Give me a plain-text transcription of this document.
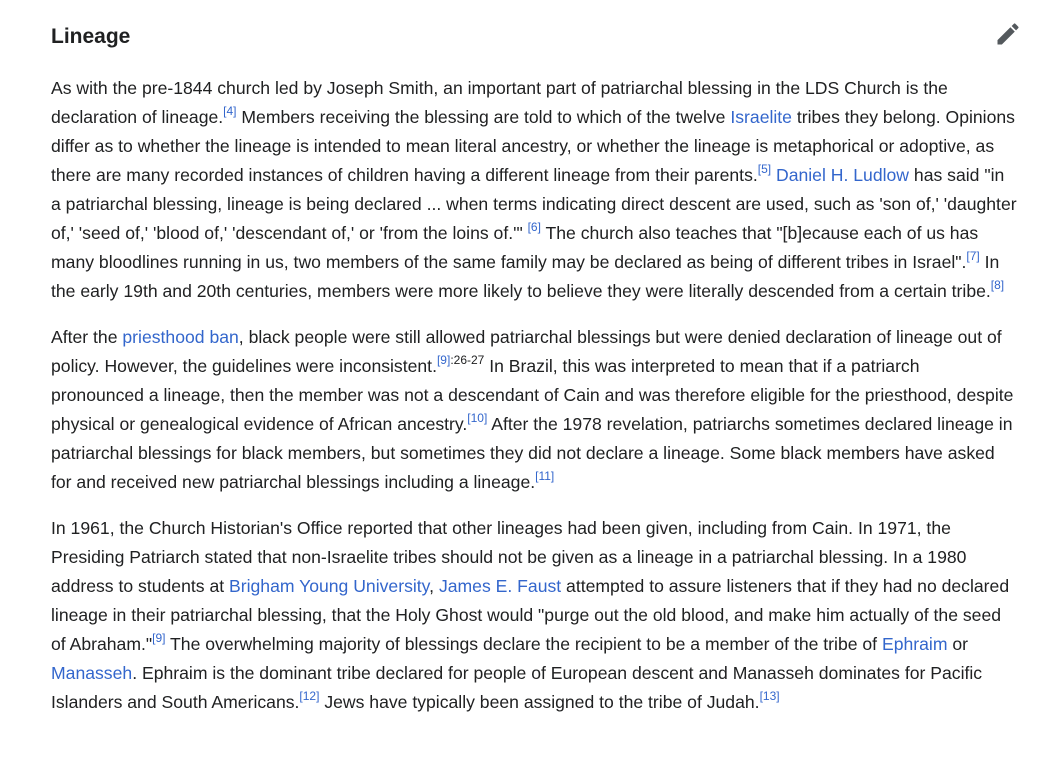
Lineage

As with the pre-1844 church led by Joseph Smith, an important part of patriarchal blessing in the LDS Church is the declaration of lineage.[4] Members receiving the blessing are told to which of the twelve Israelite tribes they belong. Opinions differ as to whether the lineage is intended to mean literal ancestry, or whether the lineage is metaphorical or adoptive, as there are many recorded instances of children having a different lineage from their parents.[5] Daniel H. Ludlow has said "in a patriarchal blessing, lineage is being declared ... when terms indicating direct descent are used, such as 'son of,' 'daughter of,' 'seed of,' 'blood of,' 'descendant of,' or 'from the loins of.'" [6] The church also teaches that "[b]ecause each of us has many bloodlines running in us, two members of the same family may be declared as being of different tribes in Israel".[7] In the early 19th and 20th centuries, members were more likely to believe they were literally descended from a certain tribe.[8]

After the priesthood ban, black people were still allowed patriarchal blessings but were denied declaration of lineage out of policy. However, the guidelines were inconsistent.$^{[9]:26-27}$ In Brazil, this was interpreted to mean that if a patriarch pronounced a lineage, then the member was not a descendant of Cain and was therefore eligible for the priesthood, despite physical or genealogical evidence of African ancestry.[10] After the 1978 revelation, patriarchs sometimes declared lineage in patriarchal blessings for black members, but sometimes they did not declare a lineage. Some black members have asked for and received new patriarchal blessings including a lineage.[11]

In 1961, the Church Historian's Office reported that other lineages had been given, including from Cain. In 1971, the Presiding Patriarch stated that non-Israelite tribes should not be given as a lineage in a patriarchal blessing. In a 1980 address to students at Brigham Young University, James E. Faust attempted to assure listeners that if they had no declared lineage in their patriarchal blessing, that the Holy Ghost would "purge out the old blood, and make him actually of the seed of Abraham."[9] The overwhelming majority of blessings declare the recipient to be a member of the tribe of Ephraim or Manasseh. Ephraim is the dominant tribe declared for people of European descent and Manasseh dominates for Pacific Islanders and South Americans.[12] Jews have typically been assigned to the tribe of Judah.[13]
